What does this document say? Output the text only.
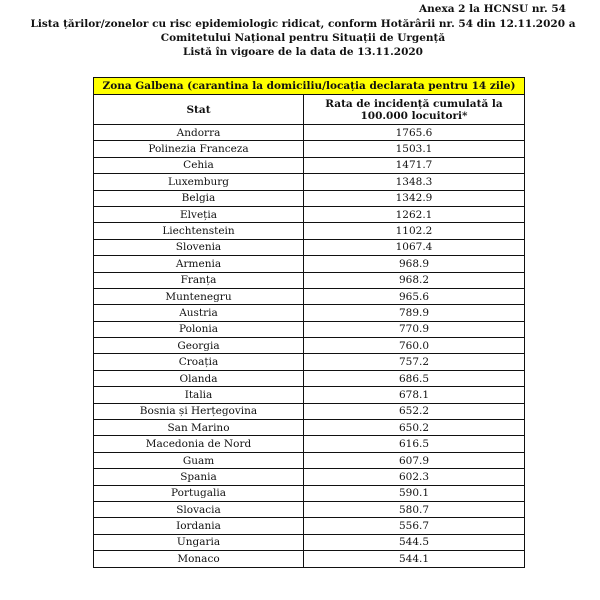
Anexa 2 la HCNSU nr. 54
Lista țărilor/zonelor cu risc epidemiologic ridicat, conform Hotărârii nr. 54 din 12.11.2020 a
Comitetului Național pentru Situații de Urgență
Listă în vigoare de la data de 13.11.2020
Zona Galbena (carantina la domiciliu/locația declarata pentru 14 zile)	
Stat	Rata de incidență cumulată la 100.000 locuitori*
Andorra	1765.6
Polinezia Franceza	1503.1
Cehia	1471.7
Luxemburg	1348.3
Belgia	1342.9
Elveția	1262.1
Liechtenstein	1102.2
Slovenia	1067.4
Armenia	968.9
Franța	968.2
Muntenegru	965.6
Austria	789.9
Polonia	770.9
Georgia	760.0
Croația	757.2
Olanda	686.5
Italia	678.1
Bosnia și Herțegovina	652.2
San Marino	650.2
Macedonia de Nord	616.5
Guam	607.9
Spania	602.3
Portugalia	590.1
Slovacia	580.7
Iordania	556.7
Ungaria	544.5
Monaco	544.1
